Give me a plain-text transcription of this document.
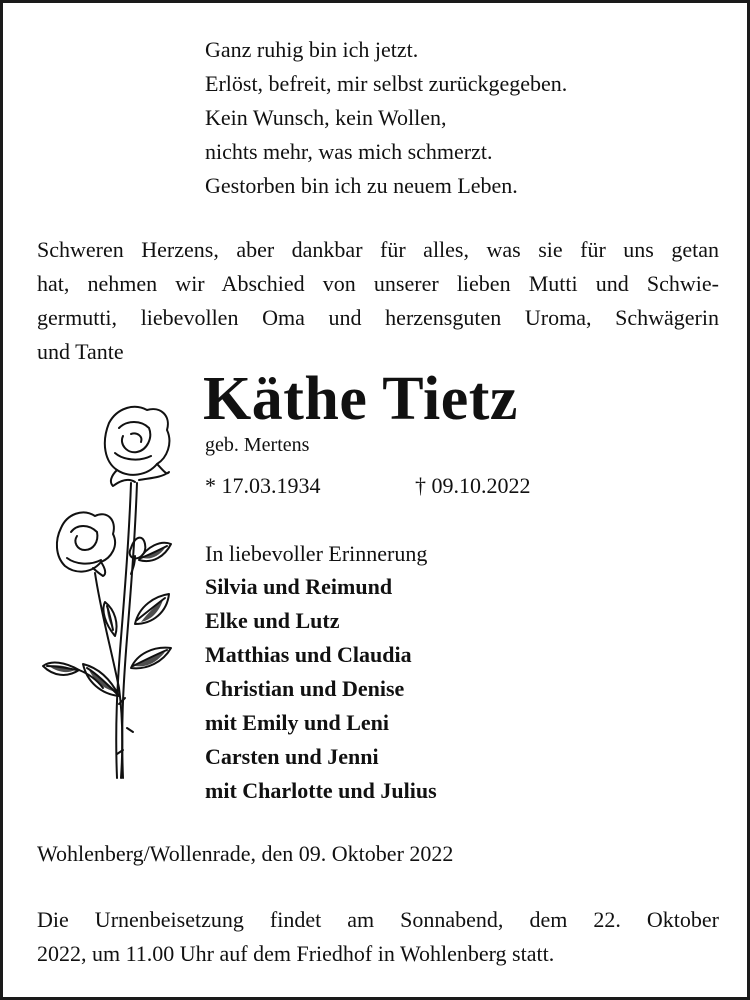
Ganz ruhig bin ich jetzt.
Erlöst, befreit, mir selbst zurückgegeben.
Kein Wunsch, kein Wollen,
nichts mehr, was mich schmerzt.
Gestorben bin ich zu neuem Leben.
Schweren Herzens, aber dankbar für alles, was sie für uns getan
hat, nehmen wir Abschied von unserer lieben Mutti und Schwie-
germutti, liebevollen Oma und herzensguten Uroma, Schwägerin
und Tante
Käthe Tietz
geb. Mertens
* 17.03.1934	† 09.10.2022
In liebevoller Erinnerung
Silvia und Reimund
Elke und Lutz
Matthias und Claudia
Christian und Denise
mit Emily und Leni
Carsten und Jenni
mit Charlotte und Julius
Wohlenberg/Wollenrade, den 09. Oktober 2022
Die Urnenbeisetzung findet am Sonnabend, dem 22. Oktober
2022, um 11.00 Uhr auf dem Friedhof in Wohlenberg statt.
